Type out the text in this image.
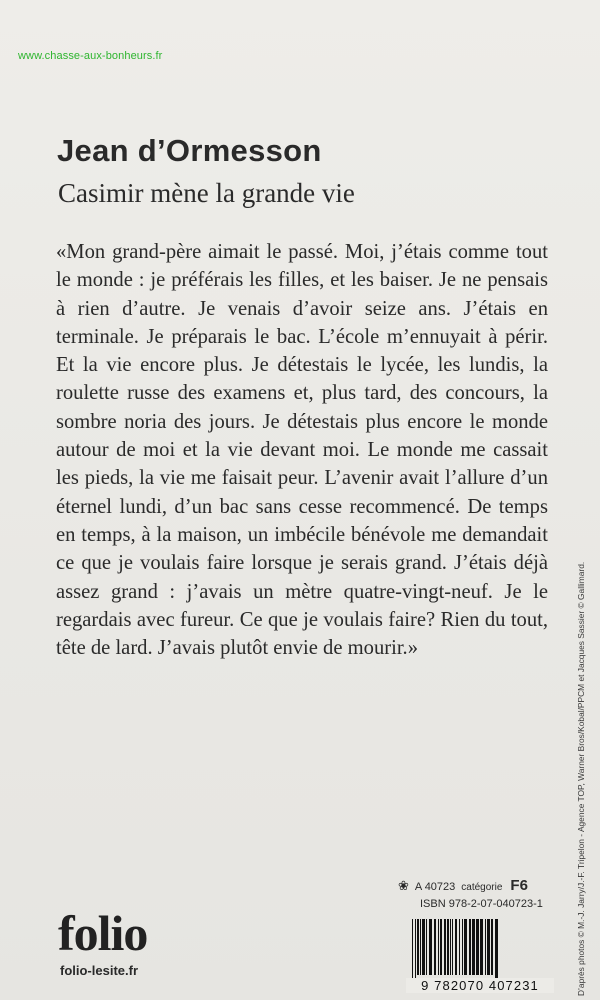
www.chasse-aux-bonheurs.fr
Jean d’Ormesson
Casimir mène la grande vie

«Mon grand-père aimait le passé. Moi, j’étais comme tout le monde : je préférais les filles, et les baiser. Je ne pensais à rien d’autre. Je venais d’avoir seize ans. J’étais en terminale. Je préparais le bac. L’école m’ennuyait à périr. Et la vie encore plus. Je détestais le lycée, les lundis, la roulette russe des examens et, plus tard, des concours, la sombre noria des jours. Je détestais plus encore le monde autour de moi et la vie devant moi. Le monde me cassait les pieds, la vie me faisait peur. L’avenir avait l’allure d’un éternel lundi, d’un bac sans cesse recommencé. De temps en temps, à la maison, un imbécile bénévole me demandait ce que je voulais faire lorsque je serais grand. J’étais déjà assez grand : j’avais un mètre quatre-vingt-neuf. Je le regardais avec fureur. Ce que je voulais faire? Rien du tout, tête de lard. J’avais plutôt envie de mourir.»	D’après photos © M.-J. Jarry/J.-F. Tripelon - Agence TOP, Warner Bros/Kobal/PPCM et Jacques Sassier © Gallimard.
folio
folio-lesite.fr
❀ A 40723 catégorie F6
ISBN 978-2-07-040723-1
9 782070 407231
